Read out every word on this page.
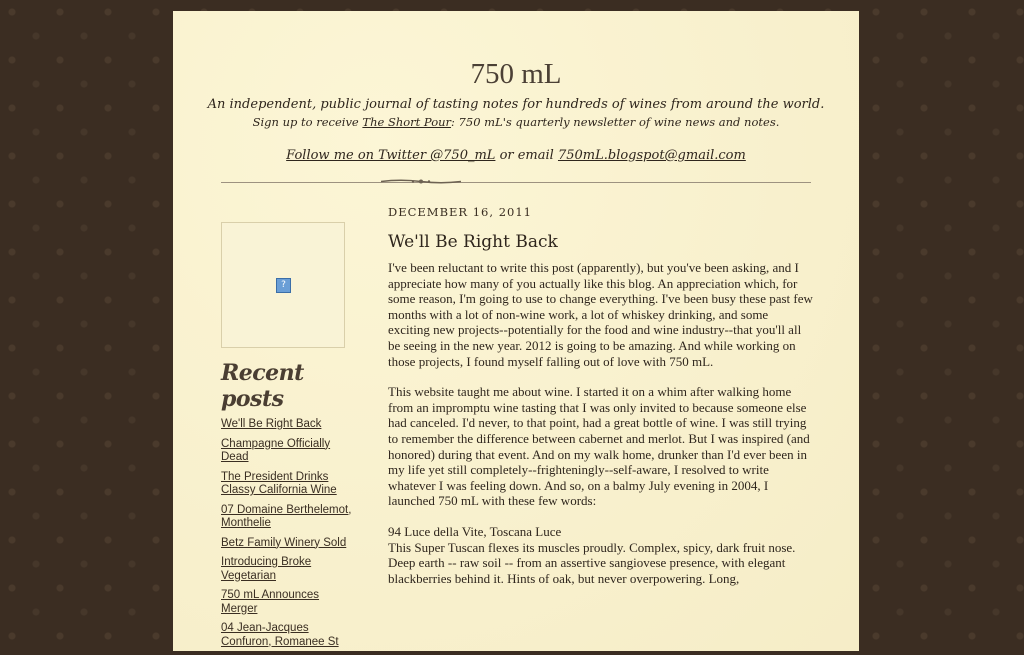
750 mL
An independent, public journal of tasting notes for hundreds of wines from around the world.
Sign up to receive The Short Pour: 750 mL's quarterly newsletter of wine news and notes.
Follow me on Twitter @750_mL or email 750mL.blogspot@gmail.com
?
Recent posts
We'll Be Right Back
Champagne Officially Dead
The President Drinks Classy California Wine
07 Domaine Berthelemot, Monthelie
Betz Family Winery Sold
Introducing Broke Vegetarian
750 mL Announces Merger
04 Jean-Jacques Confuron, Romanee St
DECEMBER 16, 2011
We'll Be Right Back

I've been reluctant to write this post (apparently), but you've been asking, and I appreciate how many of you actually like this blog. An appreciation which, for some reason, I'm going to use to change everything. I've been busy these past few months with a lot of non-wine work, a lot of whiskey drinking, and some exciting new projects--potentially for the food and wine industry--that you'll all be seeing in the new year. 2012 is going to be amazing. And while working on those projects, I found myself falling out of love with 750 mL.

This website taught me about wine. I started it on a whim after walking home from an impromptu wine tasting that I was only invited to because someone else had canceled. I'd never, to that point, had a great bottle of wine. I was still trying to remember the difference between cabernet and merlot. But I was inspired (and honored) during that event. And on my walk home, drunker than I'd ever been in my life yet still completely--frighteningly--self-aware, I resolved to write whatever I was feeling down. And so, on a balmy July evening in 2004, I launched 750 mL with these few words:

94 Luce della Vite, Toscana Luce

This Super Tuscan flexes its muscles proudly. Complex, spicy, dark fruit nose. Deep earth -- raw soil -- from an assertive sangiovese presence, with elegant blackberries behind it. Hints of oak, but never overpowering. Long,
